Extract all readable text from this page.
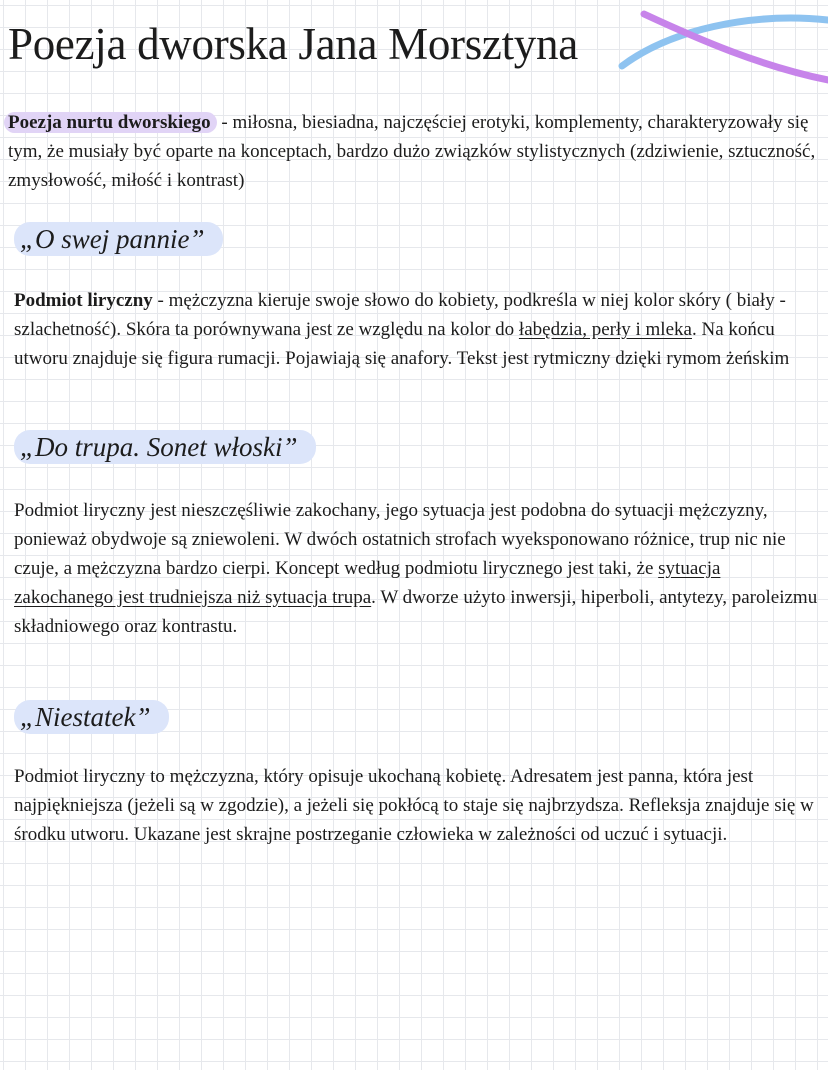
Poezja dworska Jana Morsztyna

Poezja nurtu dworskiego - miłosna, biesiadna, najczęściej erotyki, komplementy, charakteryzowały się tym, że musiały być oparte na konceptach, bardzo dużo związków stylistycznych (zdziwienie, sztuczność, zmysłowość, miłość i kontrast)

„O swej pannie”

Podmiot liryczny - mężczyzna kieruje swoje słowo do kobiety, podkreśla w niej kolor skóry ( biały - szlachetność). Skóra ta porównywana jest ze względu na kolor do łabędzia, perły i mleka. Na końcu utworu znajduje się figura rumacji. Pojawiają się anafory. Tekst jest rytmiczny dzięki rymom żeńskim

„Do trupa. Sonet włoski”

Podmiot liryczny jest nieszczęśliwie zakochany, jego sytuacja jest podobna do sytuacji mężczyzny, ponieważ obydwoje są zniewoleni. W dwóch ostatnich strofach wyeksponowano różnice, trup nic nie czuje, a mężczyzna bardzo cierpi. Koncept według podmiotu lirycznego jest taki, że sytuacja zakochanego jest trudniejsza niż sytuacja trupa. W dworze użyto inwersji, hiperboli, antytezy, paroleizmu składniowego oraz kontrastu.

„Niestatek”

Podmiot liryczny to mężczyzna, który opisuje ukochaną kobietę. Adresatem jest panna, która jest najpiękniejsza (jeżeli są w zgodzie), a jeżeli się pokłócą to staje się najbrzydsza. Refleksja znajduje się w środku utworu. Ukazane jest skrajne postrzeganie człowieka w zależności od uczuć i sytuacji.
